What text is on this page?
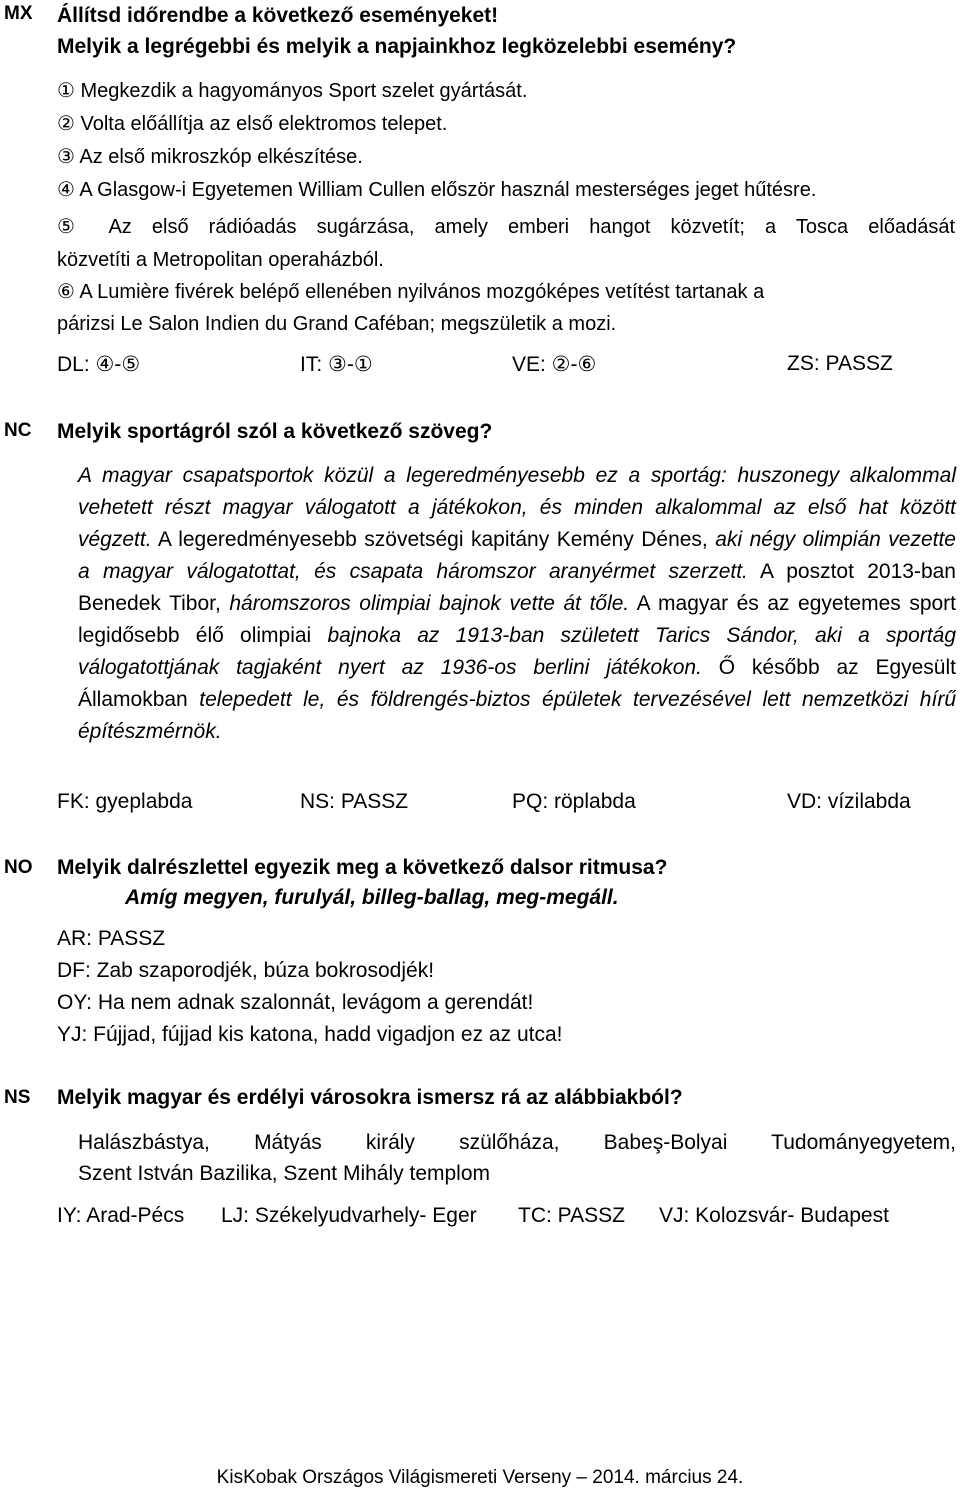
MX Állítsd időrendbe a következő eseményeket!
Melyik a legrégebbi és melyik a napjainkhoz legközelebbi esemény?
① Megkezdik a hagyományos Sport szelet gyártását.
② Volta előállítja az első elektromos telepet.
③ Az első mikroszkóp elkészítése.
④ A Glasgow-i Egyetemen William Cullen először használ mesterséges jeget hűtésre.
⑤ Az első rádióadás sugárzása, amely emberi hangot közvetít; a Tosca előadását
közvetíti a Metropolitan operaházból.
⑥ A Lumière fivérek belépő ellenében nyilvános mozgóképes vetítést tartanak a
párizsi Le Salon Indien du Grand Caféban; megszületik a mozi.
DL: ④-⑤	IT: ③-①	VE: ②-⑥	ZS: PASSZ
NC Melyik sportágról szól a következő szöveg?
A magyar csapatsportok közül a legeredményesebb ez a sportág: huszonegy alkalommal vehetett részt magyar válogatott a játékokon, és minden alkalommal az első hat között végzett. A legeredményesebb szövetségi kapitány Kemény Dénes, aki négy olimpián vezette a magyar válogatottat, és csapata háromszor aranyérmet szerzett. A posztot 2013-ban Benedek Tibor, háromszoros olimpiai bajnok vette át tőle. A magyar és az egyetemes sport legidősebb élő olimpiai bajnoka az 1913-ban született Tarics Sándor, aki a sportág válogatottjának tagjaként nyert az 1936-os berlini játékokon. Ő később az Egyesült Államokban telepedett le, és földrengés-biztos épületek tervezésével lett nemzetközi hírű építészmérnök.
FK: gyeplabda	NS: PASSZ	PQ: röplabda	VD: vízilabda
NO Melyik dalrészlettel egyezik meg a következő dalsor ritmusa?
Amíg megyen, furulyál, billeg-ballag, meg-megáll.
AR: PASSZ
DF: Zab szaporodjék, búza bokrosodjék!
OY: Ha nem adnak szalonnát, levágom a gerendát!
YJ: Fújjad, fújjad kis katona, hadd vigadjon ez az utca!
NS Melyik magyar és erdélyi városokra ismersz rá az alábbiakból?
Halászbástya, Mátyás király szülőháza, Babeş-Bolyai Tudományegyetem,
Szent István Bazilika, Szent Mihály templom
IY: Arad-Pécs LJ: Székelyudvarhely- Eger TC: PASSZ VJ: Kolozsvár- Budapest
KisKobak Országos Világismereti Verseny – 2014. március 24.
